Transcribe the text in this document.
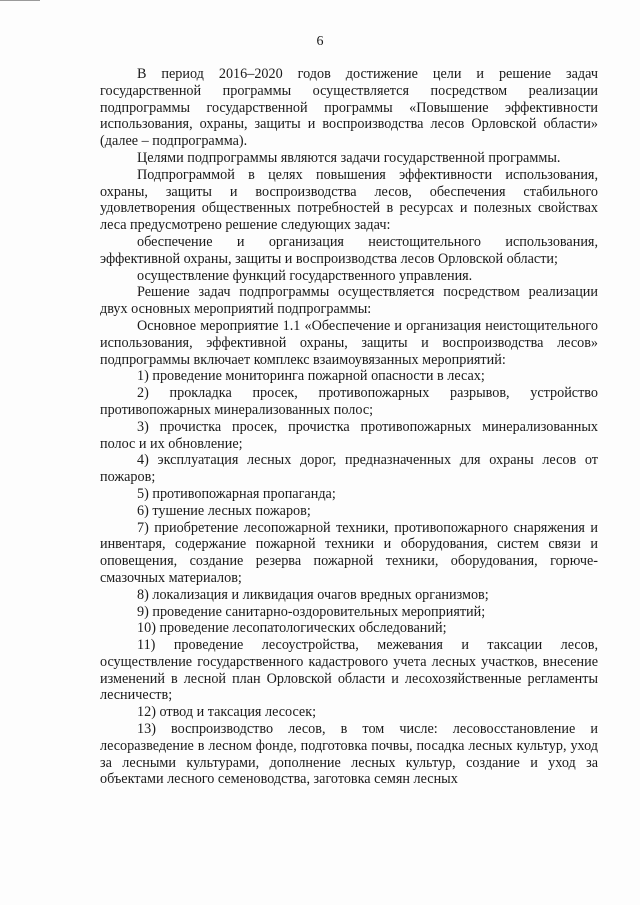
6

В период 2016–2020 годов достижение цели и решение задач государственной программы осуществляется посредством реализации подпрограммы государственной программы «Повышение эффективности использования, охраны, защиты и воспроизводства лесов Орловской области» (далее – подпрограмма).

Целями подпрограммы являются задачи государственной программы.

Подпрограммой в целях повышения эффективности использования, охраны, защиты и воспроизводства лесов, обеспечения стабильного удовлетворения общественных потребностей в ресурсах и полезных свойствах леса предусмотрено решение следующих задач:

обеспечение и организация неистощительного использования, эффективной охраны, защиты и воспроизводства лесов Орловской области;

осуществление функций государственного управления.

Решение задач подпрограммы осуществляется посредством реализации двух основных мероприятий подпрограммы:

Основное мероприятие 1.1 «Обеспечение и организация неистощительного использования, эффективной охраны, защиты и воспроизводства лесов» подпрограммы включает комплекс взаимоувязанных мероприятий:

1) проведение мониторинга пожарной опасности в лесах;

2) прокладка просек, противопожарных разрывов, устройство противопожарных минерализованных полос;

3) прочистка просек, прочистка противопожарных минерализованных полос и их обновление;

4) эксплуатация лесных дорог, предназначенных для охраны лесов от пожаров;

5) противопожарная пропаганда;

6) тушение лесных пожаров;

7) приобретение лесопожарной техники, противопожарного снаряжения и инвентаря, содержание пожарной техники и оборудования, систем связи и оповещения, создание резерва пожарной техники, оборудования, горюче-смазочных материалов;

8) локализация и ликвидация очагов вредных организмов;

9) проведение санитарно-оздоровительных мероприятий;

10) проведение лесопатологических обследований;

11) проведение лесоустройства, межевания и таксации лесов, осуществление государственного кадастрового учета лесных участков, внесение изменений в лесной план Орловской области и лесохозяйственные регламенты лесничеств;

12) отвод и таксация лесосек;

13) воспроизводство лесов, в том числе: лесовосстановление и лесоразведение в лесном фонде, подготовка почвы, посадка лесных культур, уход за лесными культурами, дополнение лесных культур, создание и уход за объектами лесного семеноводства, заготовка семян лесных
